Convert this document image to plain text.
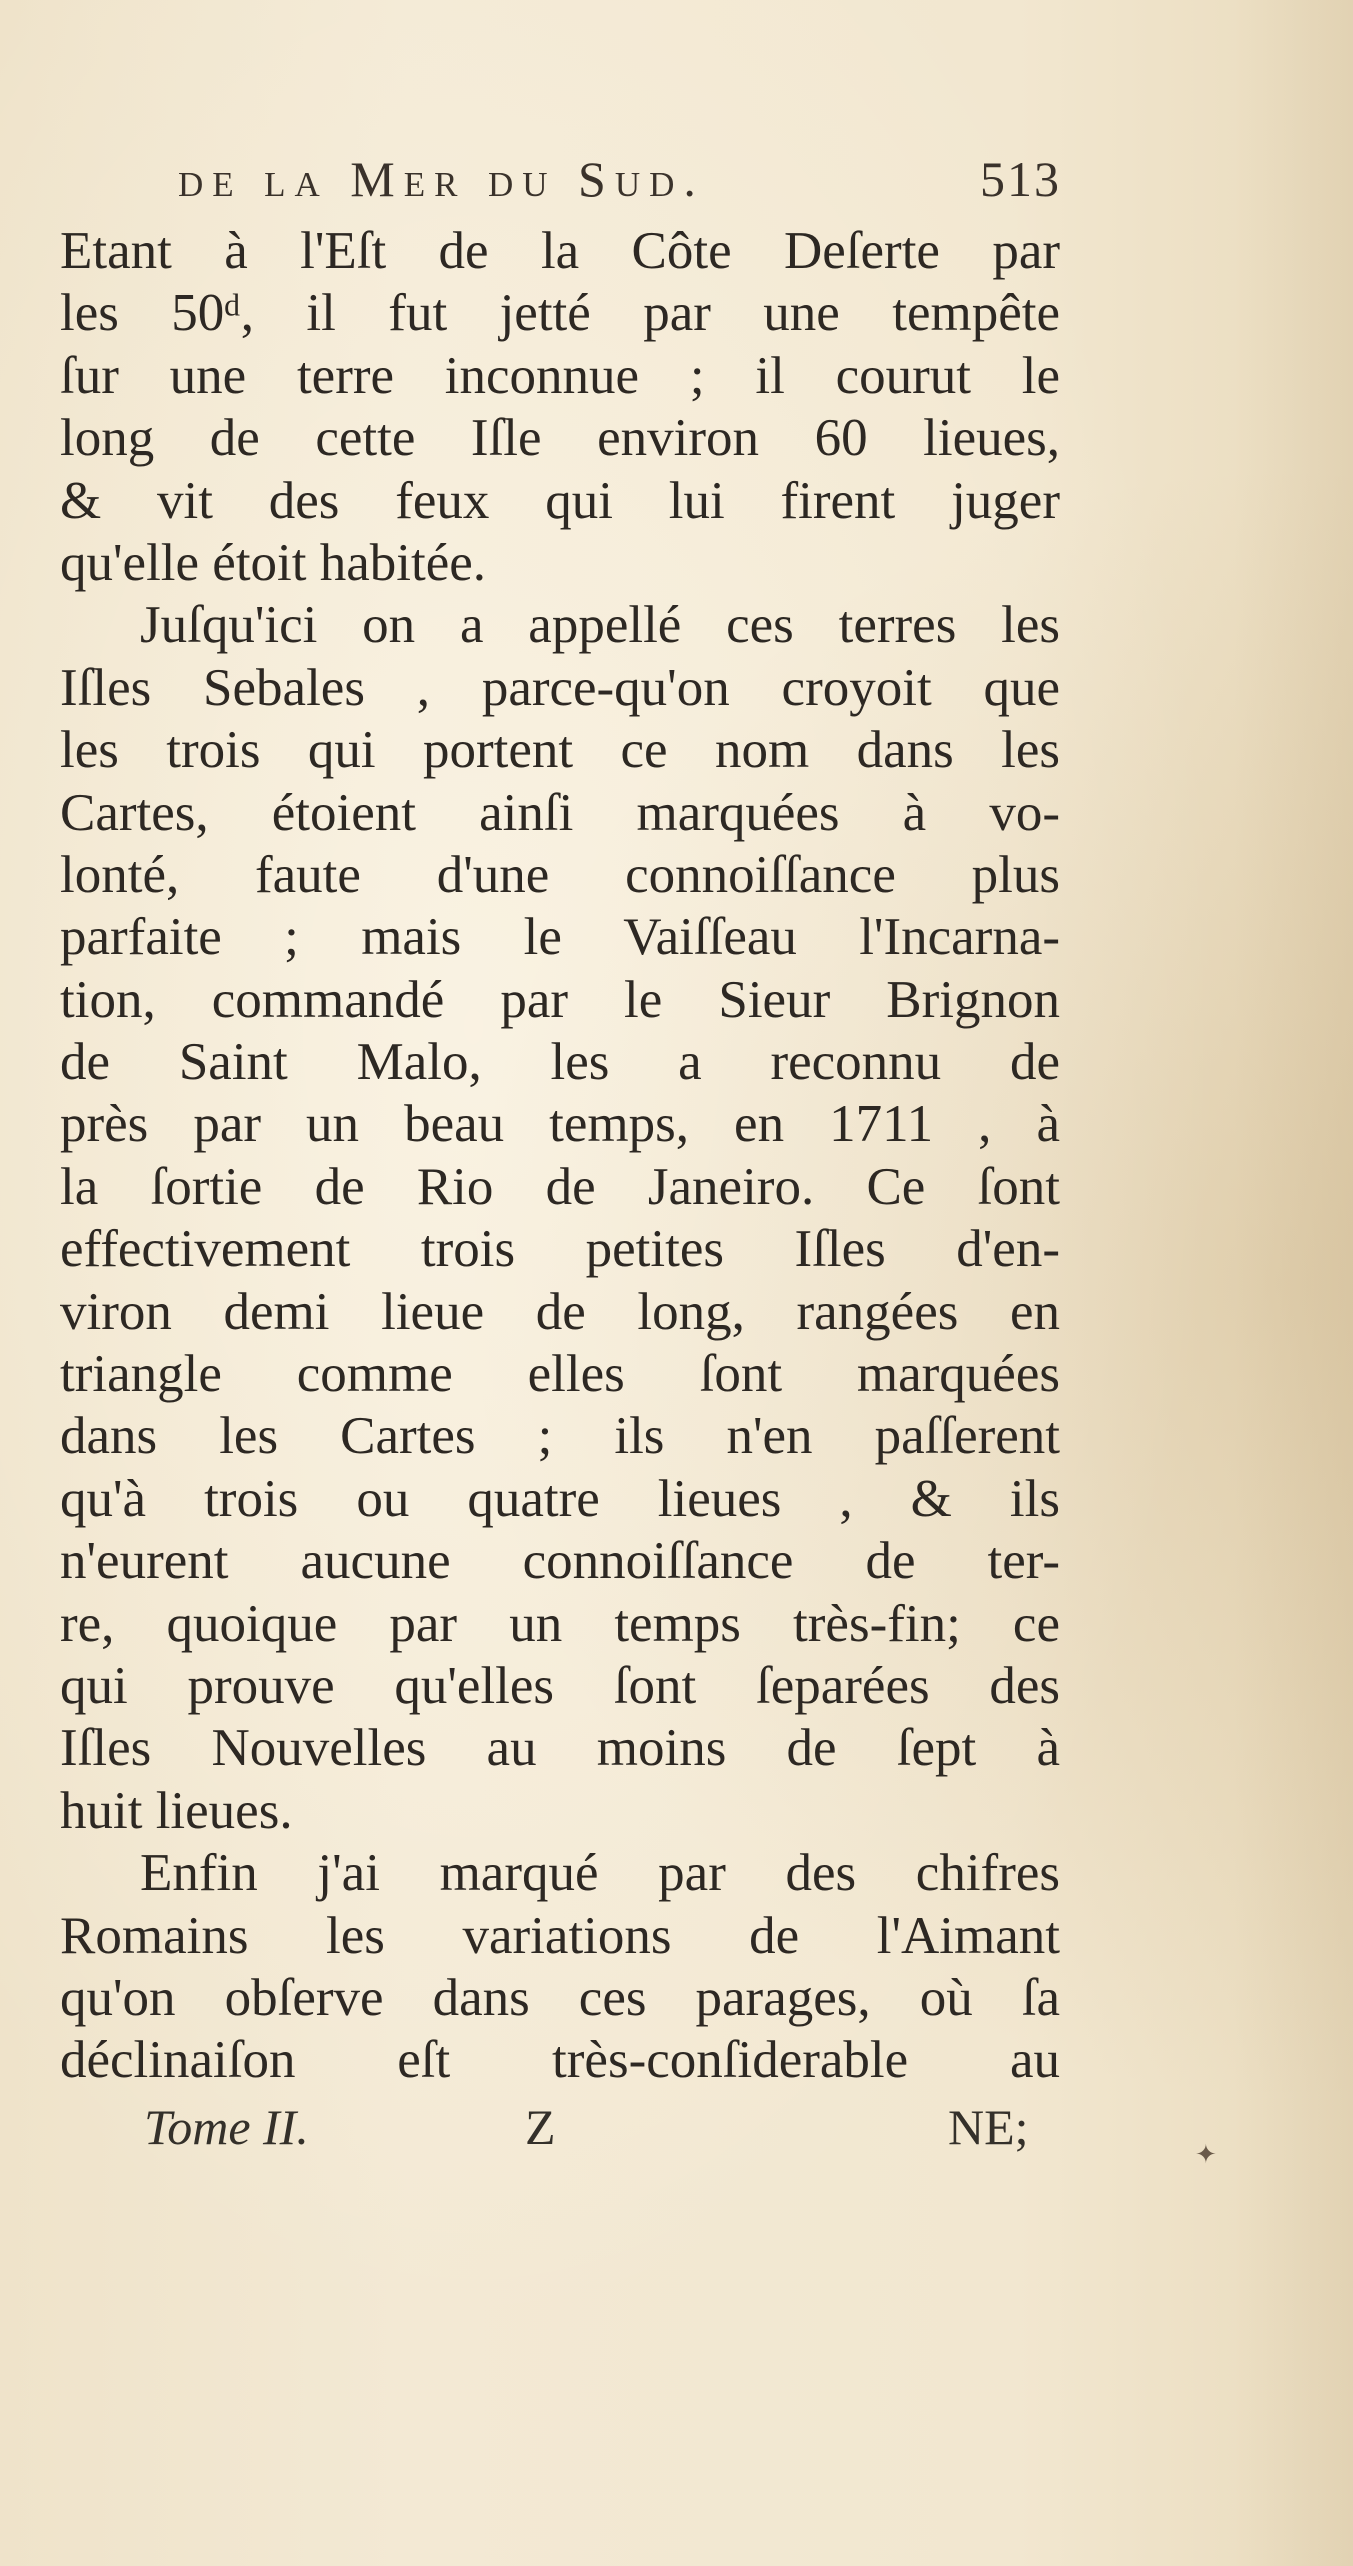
de la Mer du Sud.	513
Etant à l'Eſt de la Côte Deſerte par
les 50ᵈ, il fut jetté par une tempête
ſur une terre inconnue ; il courut le
long de cette Iſle environ 60 lieues,
& vit des feux qui lui firent juger
qu'elle étoit habitée.
Juſqu'ici on a appellé ces terres les
Iſles Sebales , parce-qu'on croyoit que
les trois qui portent ce nom dans les
Cartes, étoient ainſi marquées à vo-
lonté, faute d'une connoiſſance plus
parfaite ; mais le Vaiſſeau l'Incarna-
tion, commandé par le Sieur Brignon
de Saint Malo, les a reconnu de
près par un beau temps, en 1711 , à
la ſortie de Rio de Janeiro. Ce ſont
effectivement trois petites Iſles d'en-
viron demi lieue de long, rangées en
triangle comme elles ſont marquées
dans les Cartes ; ils n'en paſſerent
qu'à trois ou quatre lieues , & ils
n'eurent aucune connoiſſance de ter-
re, quoique par un temps très-fin; ce
qui prouve qu'elles ſont ſeparées des
Iſles Nouvelles au moins de ſept à
huit lieues.
Enfin j'ai marqué par des chifres
Romains les variations de l'Aimant
qu'on obſerve dans ces parages, où ſa
déclinaiſon eſt très-conſiderable au
Tome II.	Z	NE;
✦
